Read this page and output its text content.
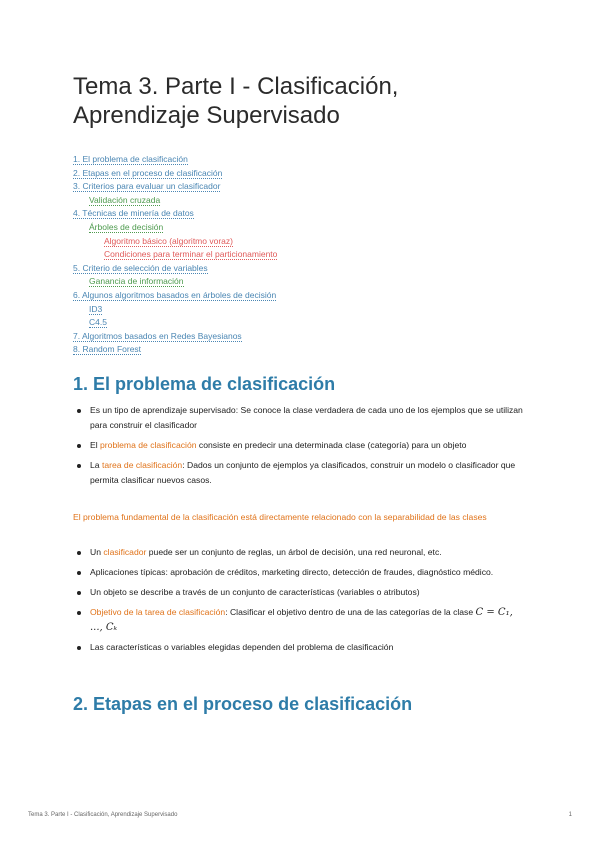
Tema 3. Parte I - Clasificación,
Aprendizaje Supervisado
1. El problema de clasificación
2. Etapas en el proceso de clasificación
3. Criterios para evaluar un clasificador
Validación cruzada
4. Técnicas de minería de datos
Árboles de decisión
Algoritmo básico (algoritmo voraz)
Condiciones para terminar el particionamiento
5. Criterio de selección de variables
Ganancia de información
6. Algunos algoritmos basados en árboles de decisión
ID3
C4.5
7. Algoritmos basados en Redes Bayesianos
8. Random Forest
1. El problema de clasificación
Es un tipo de aprendizaje supervisado: Se conoce la clase verdadera de cada uno de los ejemplos que se utilizan para construir el clasificador
El problema de clasificación consiste en predecir una determinada clase (categoría) para un objeto
La tarea de clasificación: Dados un conjunto de ejemplos ya clasificados, construir un modelo o clasificador que permita clasificar nuevos casos.

El problema fundamental de la clasificación está directamente relacionado con la separabilidad de las clases

Un clasificador puede ser un conjunto de reglas, un árbol de decisión, una red neuronal, etc.
Aplicaciones típicas: aprobación de créditos, marketing directo, detección de fraudes, diagnóstico médico.
Un objeto se describe a través de un conjunto de características (variables o atributos)
Objetivo de la tarea de clasificación: Clasificar el objetivo dentro de una de las categorías de la clase C = C₁, ..., Cₖ
Las características o variables elegidas dependen del problema de clasificación
2. Etapas en el proceso de clasificación
Tema 3. Parte I - Clasificación, Aprendizaje Supervisado	1
